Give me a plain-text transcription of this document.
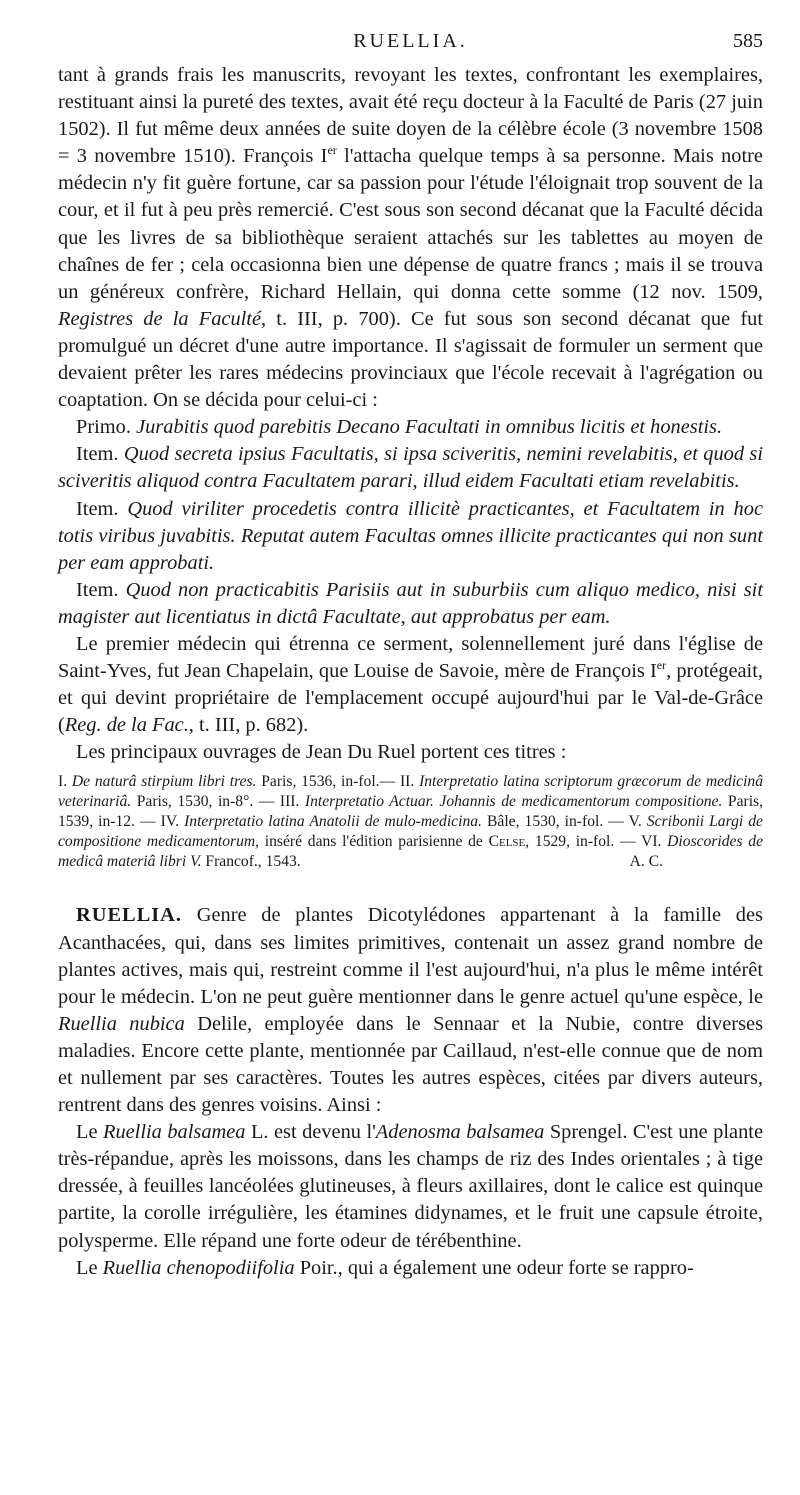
RUELLIA.	585

tant à grands frais les manuscrits, revoyant les textes, confrontant les exemplaires, restituant ainsi la pureté des textes, avait été reçu docteur à la Faculté de Paris (27 juin 1502). Il fut même deux années de suite doyen de la célèbre école (3 novembre 1508 = 3 novembre 1510). François Ier l'attacha quelque temps à sa personne. Mais notre médecin n'y fit guère fortune, car sa passion pour l'étude l'éloignait trop souvent de la cour, et il fut à peu près remercié. C'est sous son second décanat que la Faculté décida que les livres de sa bibliothèque seraient attachés sur les tablettes au moyen de chaînes de fer ; cela occasionna bien une dépense de quatre francs ; mais il se trouva un généreux confrère, Richard Hellain, qui donna cette somme (12 nov. 1509, Registres de la Faculté, t. III, p. 700). Ce fut sous son second décanat que fut promulgué un décret d'une autre importance. Il s'agissait de formuler un serment que devaient prêter les rares médecins provinciaux que l'école recevait à l'agrégation ou coaptation. On se décida pour celui-ci :

Primo. Jurabitis quod parebitis Decano Facultati in omnibus licitis et honestis.

Item. Quod secreta ipsius Facultatis, si ipsa sciveritis, nemini revelabitis, et quod si sciveritis aliquod contra Facultatem parari, illud eidem Facultati etiam revelabitis.

Item. Quod viriliter procedetis contra illicitè practicantes, et Facultatem in hoc totis viribus juvabitis. Reputat autem Facultas omnes illicite practicantes qui non sunt per eam approbati.

Item. Quod non practicabitis Parisiis aut in suburbiis cum aliquo medico, nisi sit magister aut licentiatus in dictâ Facultate, aut approbatus per eam.

Le premier médecin qui étrenna ce serment, solennellement juré dans l'église de Saint-Yves, fut Jean Chapelain, que Louise de Savoie, mère de François Ier, protégeait, et qui devint propriétaire de l'emplacement occupé aujourd'hui par le Val-de-Grâce (Reg. de la Fac., t. III, p. 682).

Les principaux ouvrages de Jean Du Ruel portent ces titres :

I. De naturâ stirpium libri tres. Paris, 1536, in-fol.— II. Interpretatio latina scriptorum græcorum de medicinâ veterinariâ. Paris, 1530, in-8°. — III. Interpretatio Actuar. Johannis de medicamentorum compositione. Paris, 1539, in-12. — IV. Interpretatio latina Anatolii de mulo-medicina. Bâle, 1530, in-fol. — V. Scribonii Largi de compositione medicamentorum, inséré dans l'édition parisienne de Celse, 1529, in-fol. — VI. Dioscorides de medicâ materiâ libri V. Francof., 1543.	A. C.

RUELLIA. Genre de plantes Dicotylédones appartenant à la famille des Acanthacées, qui, dans ses limites primitives, contenait un assez grand nombre de plantes actives, mais qui, restreint comme il l'est aujourd'hui, n'a plus le même intérêt pour le médecin. L'on ne peut guère mentionner dans le genre actuel qu'une espèce, le Ruellia nubica Delile, employée dans le Sennaar et la Nubie, contre diverses maladies. Encore cette plante, mentionnée par Caillaud, n'est-elle connue que de nom et nullement par ses caractères. Toutes les autres espèces, citées par divers auteurs, rentrent dans des genres voisins. Ainsi :

Le Ruellia balsamea L. est devenu l'Adenosma balsamea Sprengel. C'est une plante très-répandue, après les moissons, dans les champs de riz des Indes orientales ; à tige dressée, à feuilles lancéolées glutineuses, à fleurs axillaires, dont le calice est quinque partite, la corolle irrégulière, les étamines didynames, et le fruit une capsule étroite, polysperme. Elle répand une forte odeur de térébenthine.

Le Ruellia chenopodiifolia Poir., qui a également une odeur forte se rappro-
